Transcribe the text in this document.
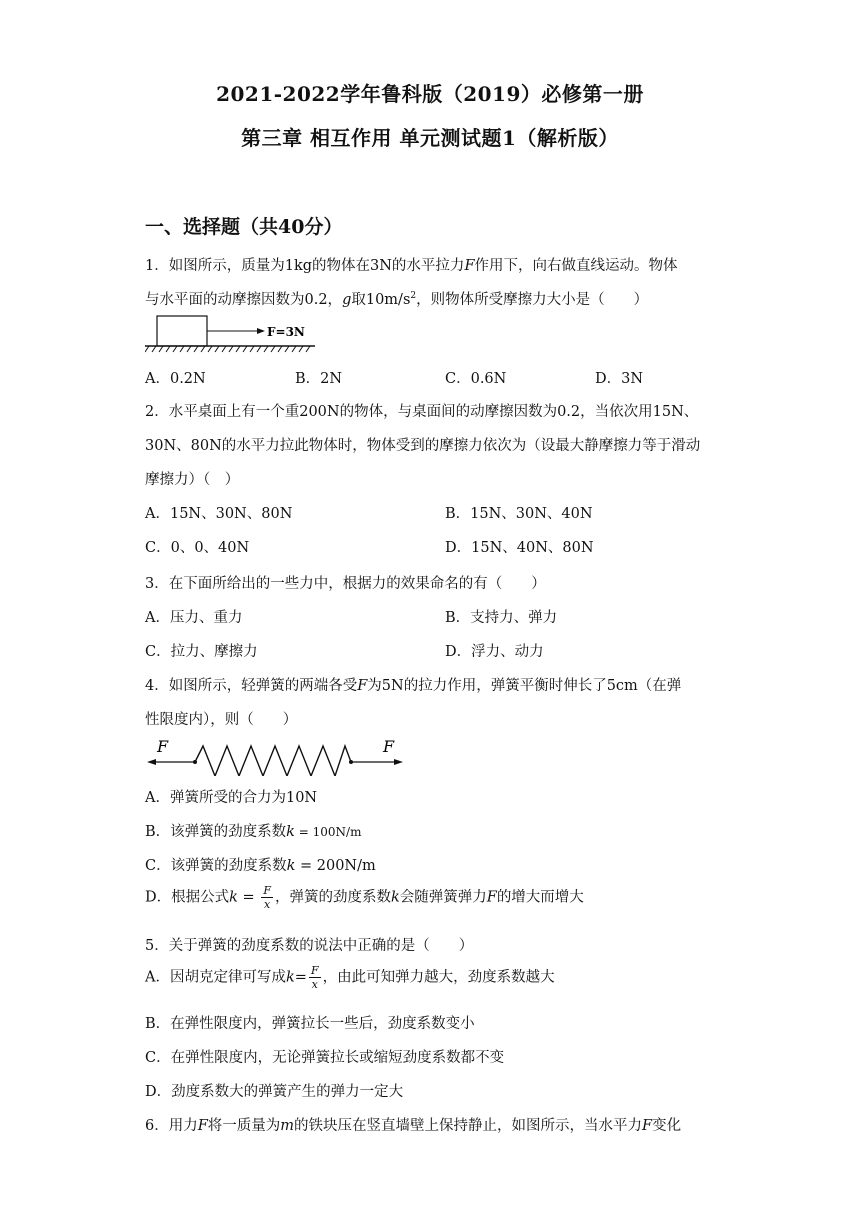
2021-2022学年鲁科版（2019）必修第一册
第三章 相互作用 单元测试题1（解析版）
一、选择题（共40分）
1．如图所示，质量为1kg的物体在3N的水平拉力F作用下，向右做直线运动。物体
与水平面的动摩擦因数为0.2，g取$10m/s^2$，则物体所受摩擦力大小是（　　）
F=3N
A．0.2N	B．2N	C．0.6N	D．3N
2．水平桌面上有一个重200N的物体，与桌面间的动摩擦因数为0.2，当依次用15N、
30N、80N的水平力拉此物体时，物体受到的摩擦力依次为（设最大静摩擦力等于滑动
摩擦力）（　）
A．15N、30N、80N	B．15N、30N、40N
C．0、0、40N	D．15N、40N、80N
3．在下面所给出的一些力中，根据力的效果命名的有（　　）
A．压力、重力	B．支持力、弹力
C．拉力、摩擦力	D．浮力、动力
4．如图所示，轻弹簧的两端各受F为5N的拉力作用，弹簧平衡时伸长了5cm（在弹
性限度内），则（　　）
F	F
A．弹簧所受的合力为10N
B．该弹簧的劲度系数k = 100N/m
C．该弹簧的劲度系数k = 200N/m
D．根据公式$k = \frac{F}{x}$ ，弹簧的劲度系数k会随弹簧弹力F的增大而增大
5．关于弹簧的劲度系数的说法中正确的是（　　）
A．因胡克定律可写成$k= \frac{F}{x}$ ，由此可知弹力越大，劲度系数越大
B．在弹性限度内，弹簧拉长一些后，劲度系数变小
C．在弹性限度内，无论弹簧拉长或缩短劲度系数都不变
D．劲度系数大的弹簧产生的弹力一定大
6．用力F将一质量为m的铁块压在竖直墙壁上保持静止，如图所示，当水平力F变化
